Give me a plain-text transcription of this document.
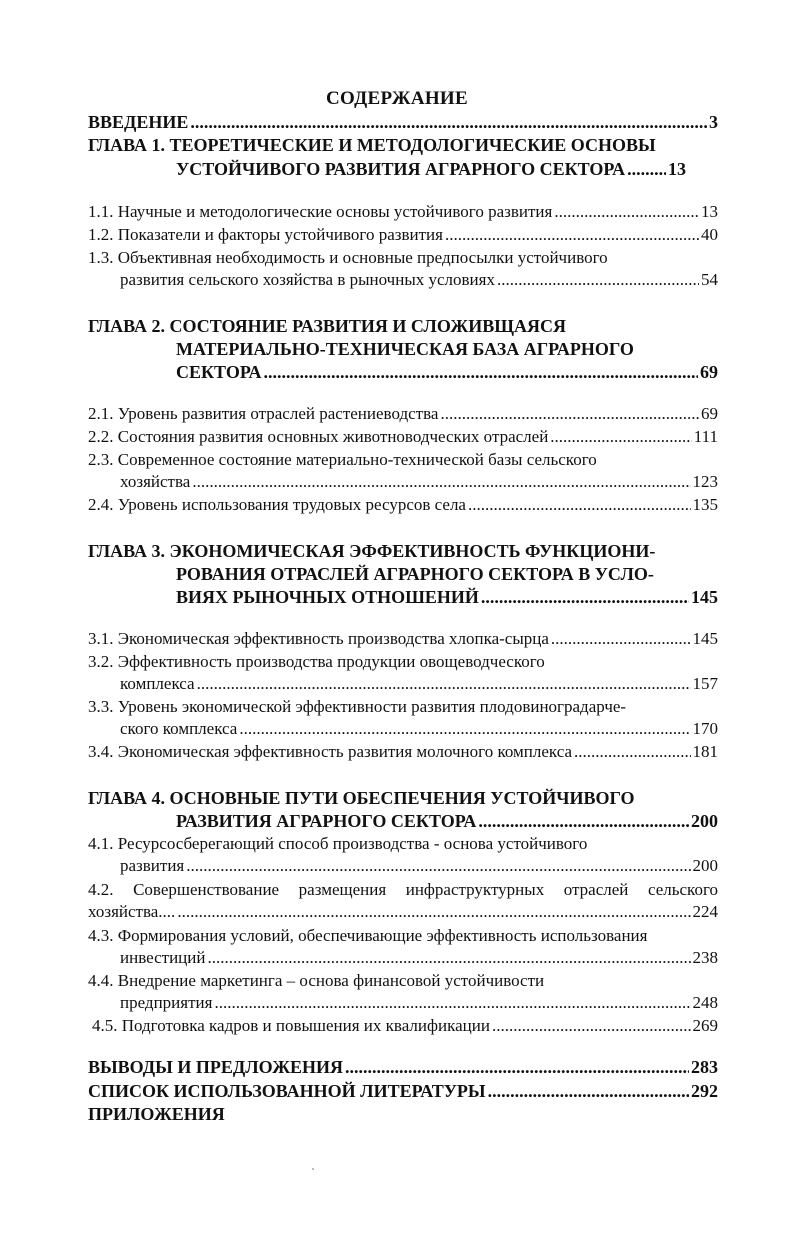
СОДЕРЖАНИЕ
ВВЕДЕНИЕ .....	3
ГЛАВА 1. ТЕОРЕТИЧЕСКИЕ И МЕТОДОЛОГИЧЕСКИЕ ОСНОВЫ
УСТОЙЧИВОГО РАЗВИТИЯ АГРАРНОГО СЕКТОРА ..... 13
1.1. Научные и методологические основы устойчивого развития .....	13
1.2. Показатели и факторы устойчивого развития .....	40
1.3. Объективная необходимость и основные предпосылки устойчивого
развития сельского хозяйства в рыночных условиях .....	54
ГЛАВА 2. СОСТОЯНИЕ РАЗВИТИЯ И СЛОЖИВЩАЯСЯ
МАТЕРИАЛЬНО-ТЕХНИЧЕСКАЯ БАЗА АГРАРНОГО
СЕКТОРА .....	69
2.1. Уровень развития отраслей растениеводства .....	69
2.2. Состояния развития основных животноводческих отраслей .....	111
2.3. Современное состояние материально-технической базы сельского
хозяйства .....	123
2.4. Уровень использования трудовых ресурсов села .....	135
ГЛАВА 3. ЭКОНОМИЧЕСКАЯ ЭФФЕКТИВНОСТЬ ФУНКЦИОНИ-
РОВАНИЯ ОТРАСЛЕЙ АГРАРНОГО СЕКТОРА В УСЛО-
ВИЯХ РЫНОЧНЫХ ОТНОШЕНИЙ .....	145
3.1. Экономическая эффективность производства хлопка-сырца .....	145
3.2. Эффективность производства продукции овощеводческого
комплекса .....	157
3.3. Уровень экономической эффективности развития плодовиноградарче-
ского комплекса .....	170
3.4. Экономическая эффективность развития молочного комплекса .....	181
ГЛАВА 4. ОСНОВНЫЕ ПУТИ ОБЕСПЕЧЕНИЯ УСТОЙЧИВОГО
РАЗВИТИЯ АГРАРНОГО СЕКТОРА .....	200
4.1. Ресурсосберегающий способ производства - основа устойчивого
развития .....	200
4.2. Совершенствование размещения инфраструктурных отраслей сельского
хозяйства.... .....	224
4.3. Формирования условий, обеспечивающие эффективность использования
инвестиций .....	238
4.4. Внедрение маркетинга – основа финансовой устойчивости
предприятия .....	248
4.5. Подготовка кадров и повышения их квалификации .....	269
ВЫВОДЫ И ПРЕДЛОЖЕНИЯ .....	283
СПИСОК ИСПОЛЬЗОВАННОЙ ЛИТЕРАТУРЫ .....	292
ПРИЛОЖЕНИЯ
